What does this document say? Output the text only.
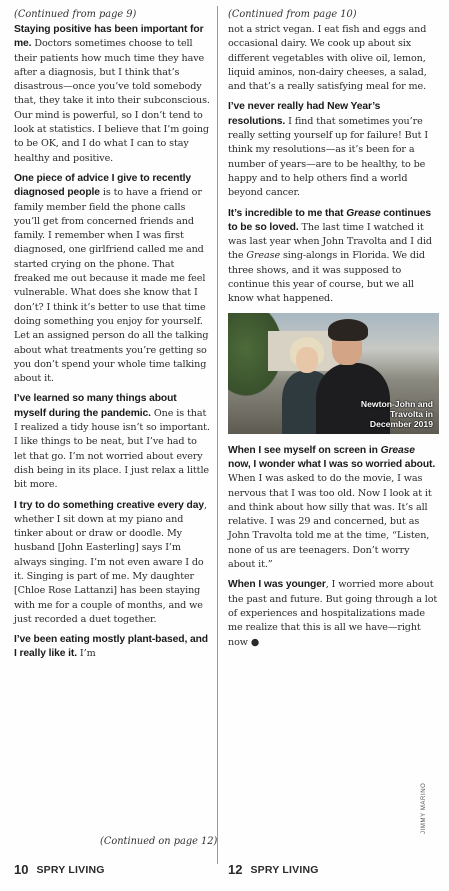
(Continued from page 9)

Staying positive has been important for me. Doctors sometimes choose to tell their patients how much time they have after a diagnosis, but I think that’s disastrous—once you’ve told somebody that, they take it into their subconscious. Our mind is powerful, so I don’t tend to look at statistics. I believe that I’m going to be OK, and I do what I can to stay healthy and positive.

One piece of advice I give to recently diagnosed people is to have a friend or family member field the phone calls you’ll get from concerned friends and family. I remember when I was first diagnosed, one girlfriend called me and started crying on the phone. That freaked me out because it made me feel vulnerable. What does she know that I don’t? I think it’s better to use that time doing something you enjoy for yourself. Let an assigned person do all the talking about what treatments you’re getting so you don’t spend your whole time talking about it.

I’ve learned so many things about myself during the pandemic. One is that I realized a tidy house isn’t so important. I like things to be neat, but I’ve had to let that go. I’m not worried about every dish being in its place. I just relax a little bit more.

I try to do something creative every day, whether I sit down at my piano and tinker about or draw or doodle. My husband [John Easterling] says I’m always singing. I’m not even aware I do it. Singing is part of me. My daughter [Chloe Rose Lattanzi] has been staying with me for a couple of months, and we just recorded a duet together.

I’ve been eating mostly plant-based, and I really like it. I’m

(Continued on page 12)
10 SPRY LIVING
(Continued from page 10)

not a strict vegan. I eat fish and eggs and occasional dairy. We cook up about six different vegetables with olive oil, lemon, liquid aminos, non-dairy cheeses, a salad, and that’s a really satisfying meal for me.

I’ve never really had New Year’s resolutions. I find that sometimes you’re really setting yourself up for failure! But I think my resolutions—as it’s been for a number of years—are to be healthy, to be happy and to help others find a world beyond cancer.

It’s incredible to me that Grease continues to be so loved. The last time I watched it was last year when John Travolta and I did the Grease sing-alongs in Florida. We did three shows, and it was supposed to continue this year of course, but we all know what happened.

Newton-John and
Travolta in
December 2019

When I see myself on screen in Grease now, I wonder what I was so worried about. When I was asked to do the movie, I was nervous that I was too old. Now I look at it and think about how silly that was. It’s all relative. I was 29 and concerned, but as John Travolta told me at the time, “Listen, none of us are teenagers. Don’t worry about it.”

When I was younger, I worried more about the past and future. But going through a lot of experiences and hospitalizations made me realize that this is all we have—right now ●

JIMMY MARINO
12 SPRY LIVING
